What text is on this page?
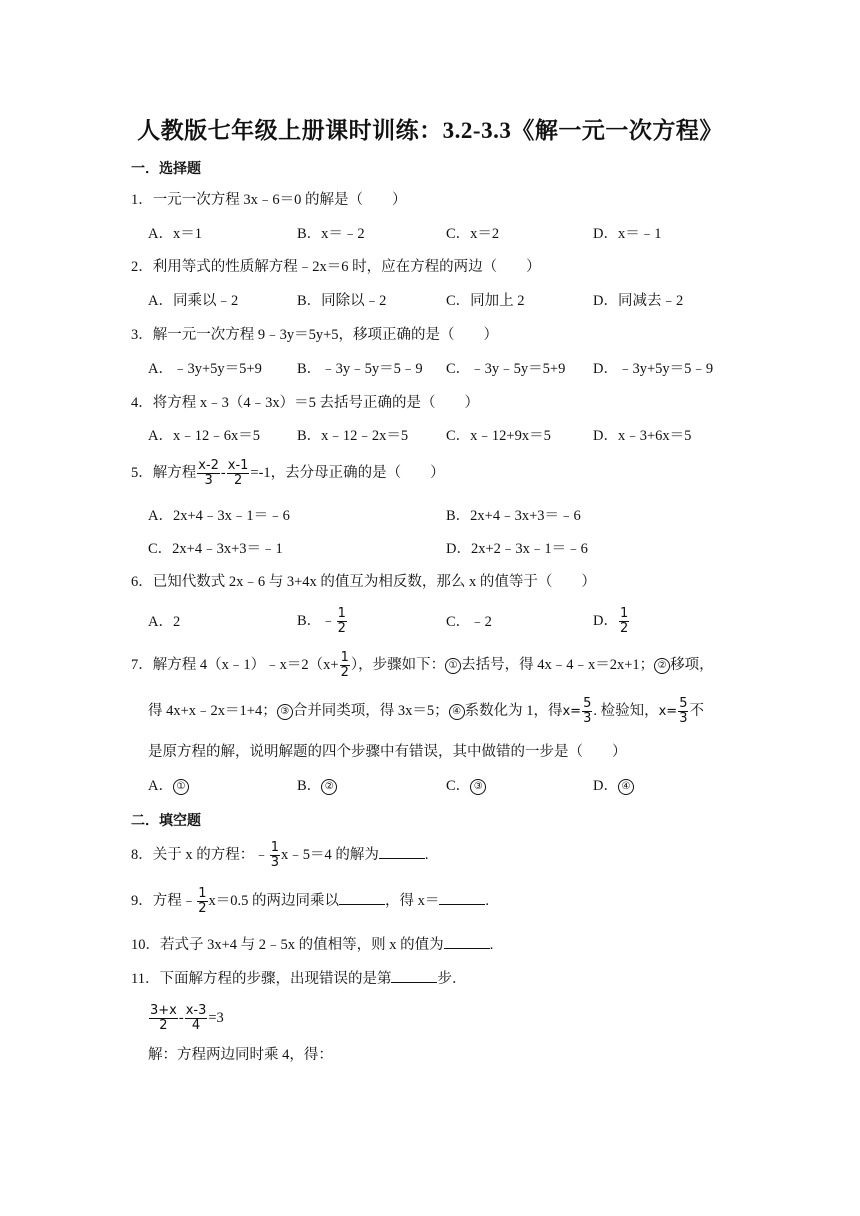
人教版七年级上册课时训练：3.2-3.3《解一元一次方程》
一．选择题
1．一元一次方程 3x﹣6＝0 的解是（　　）
A．x＝1	B．x＝﹣2	C．x＝2	D．x＝﹣1
2．利用等式的性质解方程﹣2x＝6 时，应在方程的两边（　　）
A．同乘以﹣2	B．同除以﹣2	C．同加上 2	D．同减去﹣2
3．解一元一次方程 9﹣3y＝5y+5，移项正确的是（　　）
A．﹣3y+5y＝5+9 B．﹣3y﹣5y＝5﹣9 C．﹣3y﹣5y＝5+9 D．﹣3y+5y＝5﹣9
4．将方程 x﹣3（4﹣3x）＝5 去括号正确的是（　　）
A．x﹣12﹣6x＝5	B．x﹣12﹣2x＝5	C．x﹣12+9x＝5	D．x﹣3+6x＝5
5．解方程 $\frac{x-2}{3} - \frac{x-1}{2} =-1$，去分母正确的是（　　）
A．2x+4﹣3x﹣1＝﹣6	B．2x+4﹣3x+3＝﹣6
C．2x+4﹣3x+3＝﹣1	D．2x+2﹣3x﹣1＝﹣6
6．已知代数式 2x﹣6 与 3+4x 的值互为相反数，那么 x 的值等于（　　）
A．2	B．﹣ $\frac{1}{2}$	C．﹣2	D． $\frac{1}{2}$
7．解方程 4（x﹣1）﹣x＝2（x+ $\frac{1}{2}$ ），步骤如下： ① 去括号，得 4x﹣4﹣x＝2x+1； ② 移项，
得 4x+x﹣2x＝1+4； ③ 合并同类项，得 3x＝5； ④ 系数化为 1，得$x= \frac{5}{3}$ . 检验知，$x= \frac{5}{3}$ 不
是原方程的解，说明解题的四个步骤中有错误，其中做错的一步是（　　）
A． ①	B． ②	C． ③	D． ④
二．填空题
8．关于 x 的方程：﹣ $\frac{1}{3}$ x﹣5＝4 的解为	.
9．方程﹣ $\frac{1}{2} x=0.5$ 的两边同乘以	，得 x＝	.
10．若式子 3x+4 与 2﹣5x 的值相等，则 x 的值为	.
11．下面解方程的步骤，出现错误的是第	步．
$\frac{3+x}{2} - \frac{x-3}{4} =3$
解：方程两边同时乘 4，得：
